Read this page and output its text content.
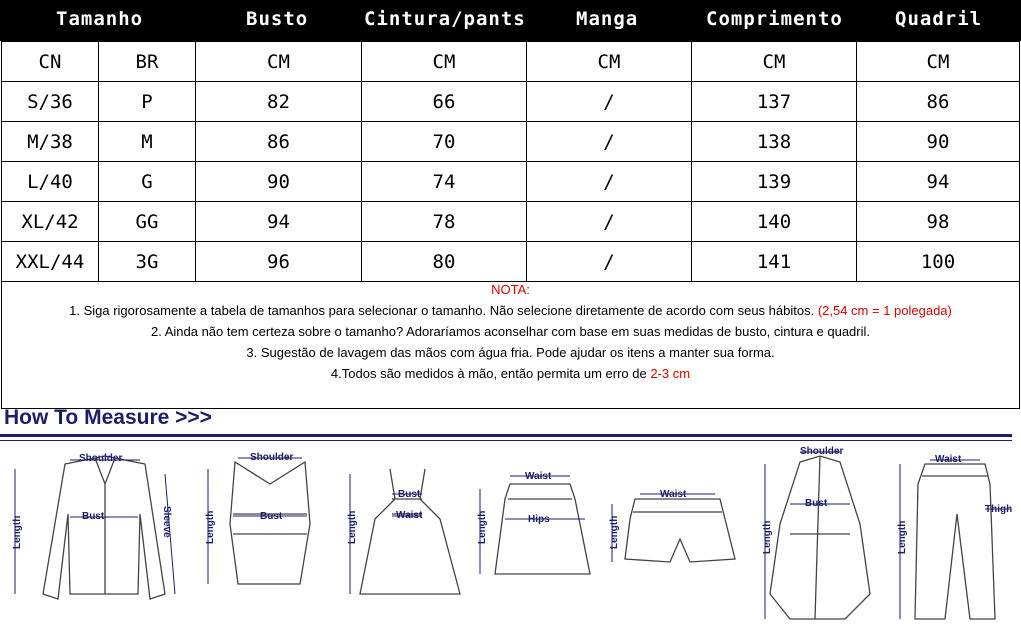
Tamanho	Busto	Cintura/pants	Manga	Comprimento	Quadril
CN	BR	CM	CM	CM	CM	CM
S/36	P	82	66	/	137	86
M/38	M	86	70	/	138	90
L/40	G	90	74	/	139	94
XL/42	GG	94	78	/	140	98
XXL/44	3G	96	80	/	141	100
NOTA:

1. Siga rigorosamente a tabela de tamanhos para selecionar o tamanho. Não selecione diretamente de acordo com seus hábitos. (2,54 cm = 1 polegada)

2. Ainda não tem certeza sobre o tamanho? Adoraríamos aconselhar com base em suas medidas de busto, cintura e quadril.

3. Sugestão de lavagem das mãos com água fria. Pode ajudar os itens a manter sua forma.

4.Todos são medidos à mão, então permita um erro de 2-3 cm

How To Measure >>>
Shoulder
Bust	Sleeve
Length
Shoulder
Bust
Length
Bust
Waist
Length
Waist
Hips
Length
Waist
Length
Shoulder
Bust
Length
Waist
Thigh
Length
